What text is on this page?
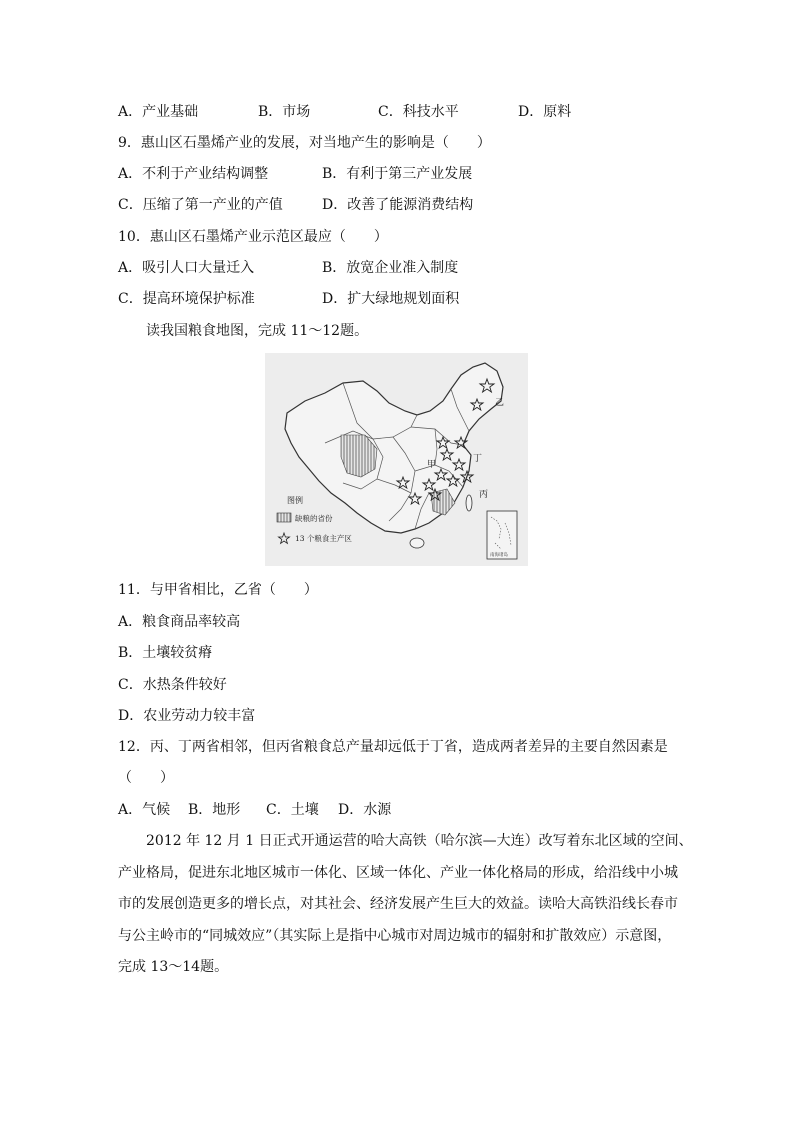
A．产业基础	B．市场	C．科技水平	D．原料
9．惠山区石墨烯产业的发展，对当地产生的影响是（　　）
A．不利于产业结构调整	B．有利于第三产业发展
C．压缩了第一产业的产值	D．改善了能源消费结构
10．惠山区石墨烯产业示范区最应（　　）
A．吸引人口大量迁入	B．放宽企业准入制度
C．提高环境保护标准	D．扩大绿地规划面积
读我国粮食地图，完成 11～12题。
乙
丁
甲
丙
图例
缺粮的省份
13 个粮食主产区
南海诸岛
11．与甲省相比，乙省（　　）
A．粮食商品率较高
B．土壤较贫瘠
C．水热条件较好
D．农业劳动力较丰富
12．丙、丁两省相邻，但丙省粮食总产量却远低于丁省，造成两者差异的主要自然因素是
（　　）
A．气候 B．地形 C．土壤 D．水源
2012 年 12 月 1 日正式开通运营的哈大高铁（哈尔滨—大连）改写着东北区域的空间、
产业格局，促进东北地区城市一体化、区域一体化、产业一体化格局的形成，给沿线中小城
市的发展创造更多的增长点，对其社会、经济发展产生巨大的效益。读哈大高铁沿线长春市
与公主岭市的“同城效应”（其实际上是指中心城市对周边城市的辐射和扩散效应）示意图，
完成 13～14题。
